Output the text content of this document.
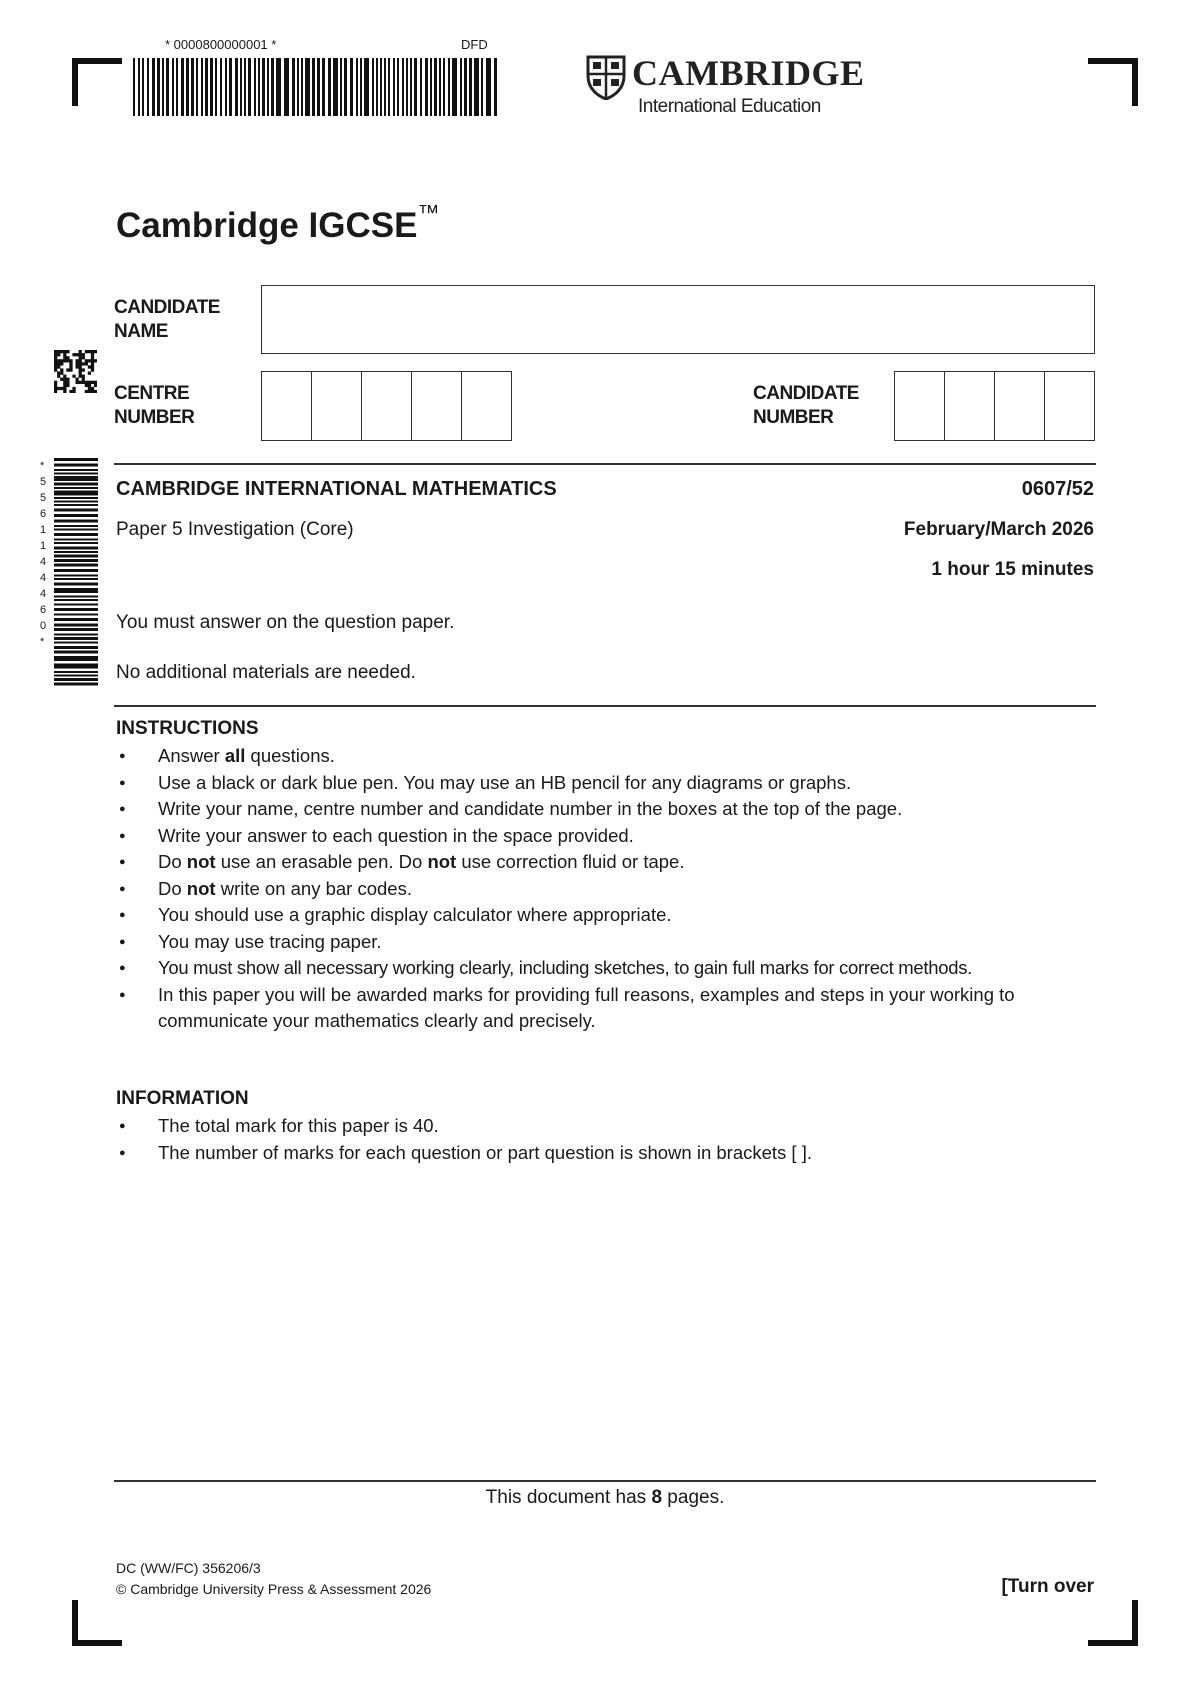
* 0000800000001 *	DFD
CAMBRIDGE
International Education
Cambridge IGCSE™
* 5 5 6 1 1 4 4 4 6 0 *
CANDIDATE
NAME
CENTRE
NUMBER
CANDIDATE
NUMBER
CAMBRIDGE INTERNATIONAL MATHEMATICS	0607/52
Paper 5 Investigation (Core)	February/March 2026
1 hour 15 minutes
You must answer on the question paper.
No additional materials are needed.
INSTRUCTIONS
● Answer all questions.
● Use a black or dark blue pen. You may use an HB pencil for any diagrams or graphs.
● Write your name, centre number and candidate number in the boxes at the top of the page.
● Write your answer to each question in the space provided.
● Do not use an erasable pen. Do not use correction fluid or tape.
● Do not write on any bar codes.
● You should use a graphic display calculator where appropriate.
● You may use tracing paper.
● You must show all necessary working clearly, including sketches, to gain full marks for correct methods.
● In this paper you will be awarded marks for providing full reasons, examples and steps in your working to communicate your mathematics clearly and precisely.
INFORMATION
● The total mark for this paper is 40.
● The number of marks for each question or part question is shown in brackets [ ].
This document has 8 pages.
DC (WW/FC) 356206/3
© Cambridge University Press & Assessment 2026	[Turn over
